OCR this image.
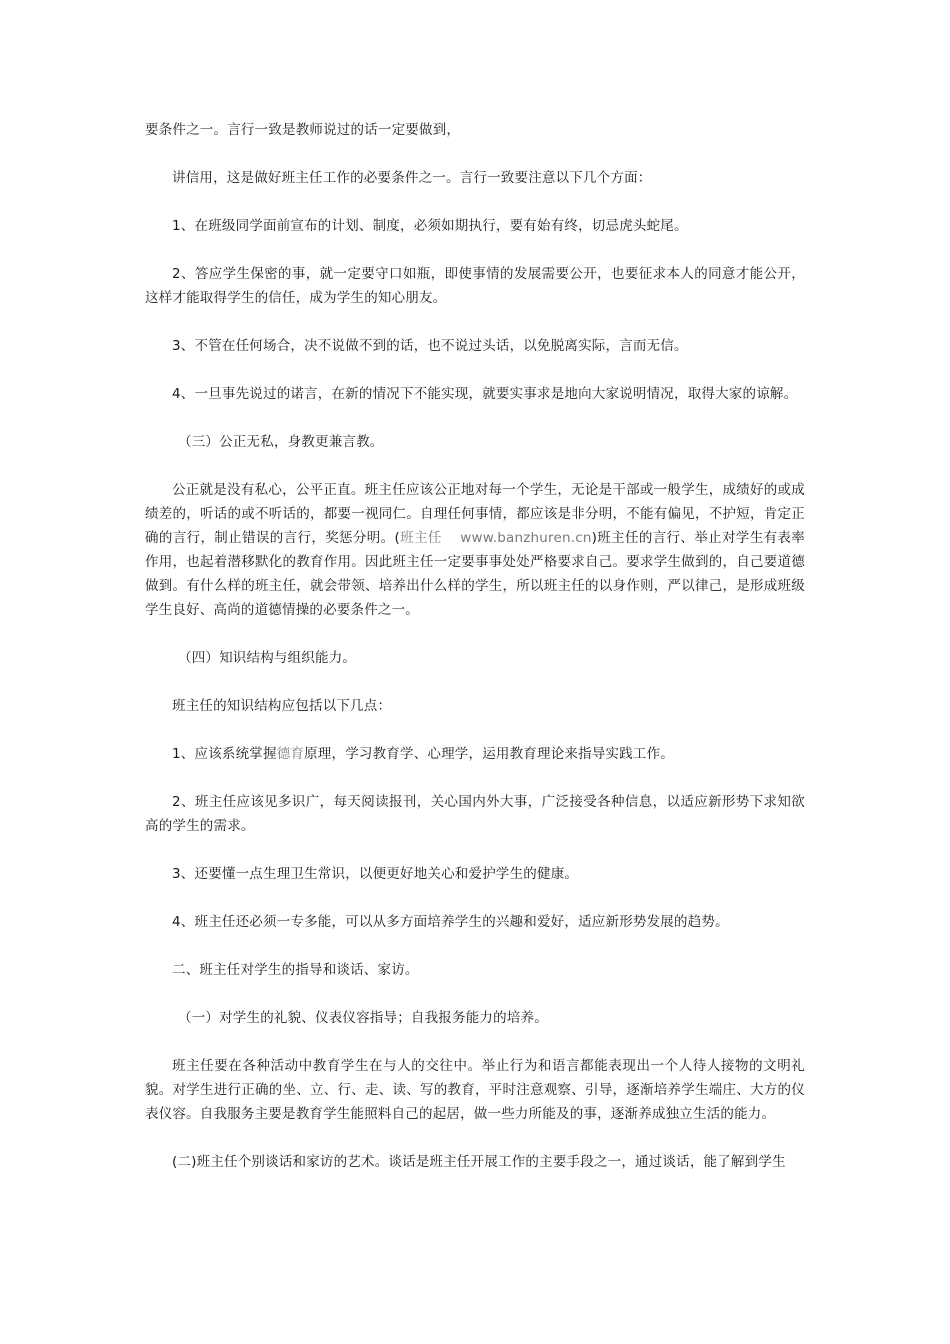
要条件之一。言行一致是教师说过的话一定要做到，

讲信用，这是做好班主任工作的必要条件之一。言行一致要注意以下几个方面：

1、在班级同学面前宣布的计划、制度，必须如期执行，要有始有终，切忌虎头蛇尾。

2、答应学生保密的事，就一定要守口如瓶，即使事情的发展需要公开，也要征求本人的同意才能公开，这样才能取得学生的信任，成为学生的知心朋友。

3、不管在任何场合，决不说做不到的话，也不说过头话，以免脱离实际，言而无信。

4、一旦事先说过的诺言，在新的情况下不能实现，就要实事求是地向大家说明情况，取得大家的谅解。

（三）公正无私，身教更兼言教。

公正就是没有私心，公平正直。班主任应该公正地对每一个学生，无论是干部或一般学生，成绩好的或成绩差的，听话的或不听话的，都要一视同仁。自理任何事情，都应该是非分明，不能有偏见，不护短，肯定正确的言行，制止错误的言行，奖惩分明。(班主任　 www.banzhuren.cn)班主任的言行、举止对学生有表率作用，也起着潜移默化的教育作用。因此班主任一定要事事处处严格要求自己。要求学生做到的，自己要道德做到。有什么样的班主任，就会带领、培养出什么样的学生，所以班主任的以身作则，严以律己，是形成班级学生良好、高尚的道德情操的必要条件之一。

（四）知识结构与组织能力。

班主任的知识结构应包括以下几点：

1、应该系统掌握德育原理，学习教育学、心理学，运用教育理论来指导实践工作。

2、班主任应该见多识广，每天阅读报刊，关心国内外大事，广泛接受各种信息，以适应新形势下求知欲高的学生的需求。

3、还要懂一点生理卫生常识，以便更好地关心和爱护学生的健康。

4、班主任还必须一专多能，可以从多方面培养学生的兴趣和爱好，适应新形势发展的趋势。

二、班主任对学生的指导和谈话、家访。

（一）对学生的礼貌、仪表仪容指导；自我报务能力的培养。

班主任要在各种活动中教育学生在与人的交往中。举止行为和语言都能表现出一个人待人接物的文明礼貌。对学生进行正确的坐、立、行、走、读、写的教育，平时注意观察、引导，逐渐培养学生端庄、大方的仪表仪容。自我服务主要是教育学生能照料自己的起居，做一些力所能及的事，逐渐养成独立生活的能力。

(二)班主任个别谈话和家访的艺术。谈话是班主任开展工作的主要手段之一，通过谈话，能了解到学生
